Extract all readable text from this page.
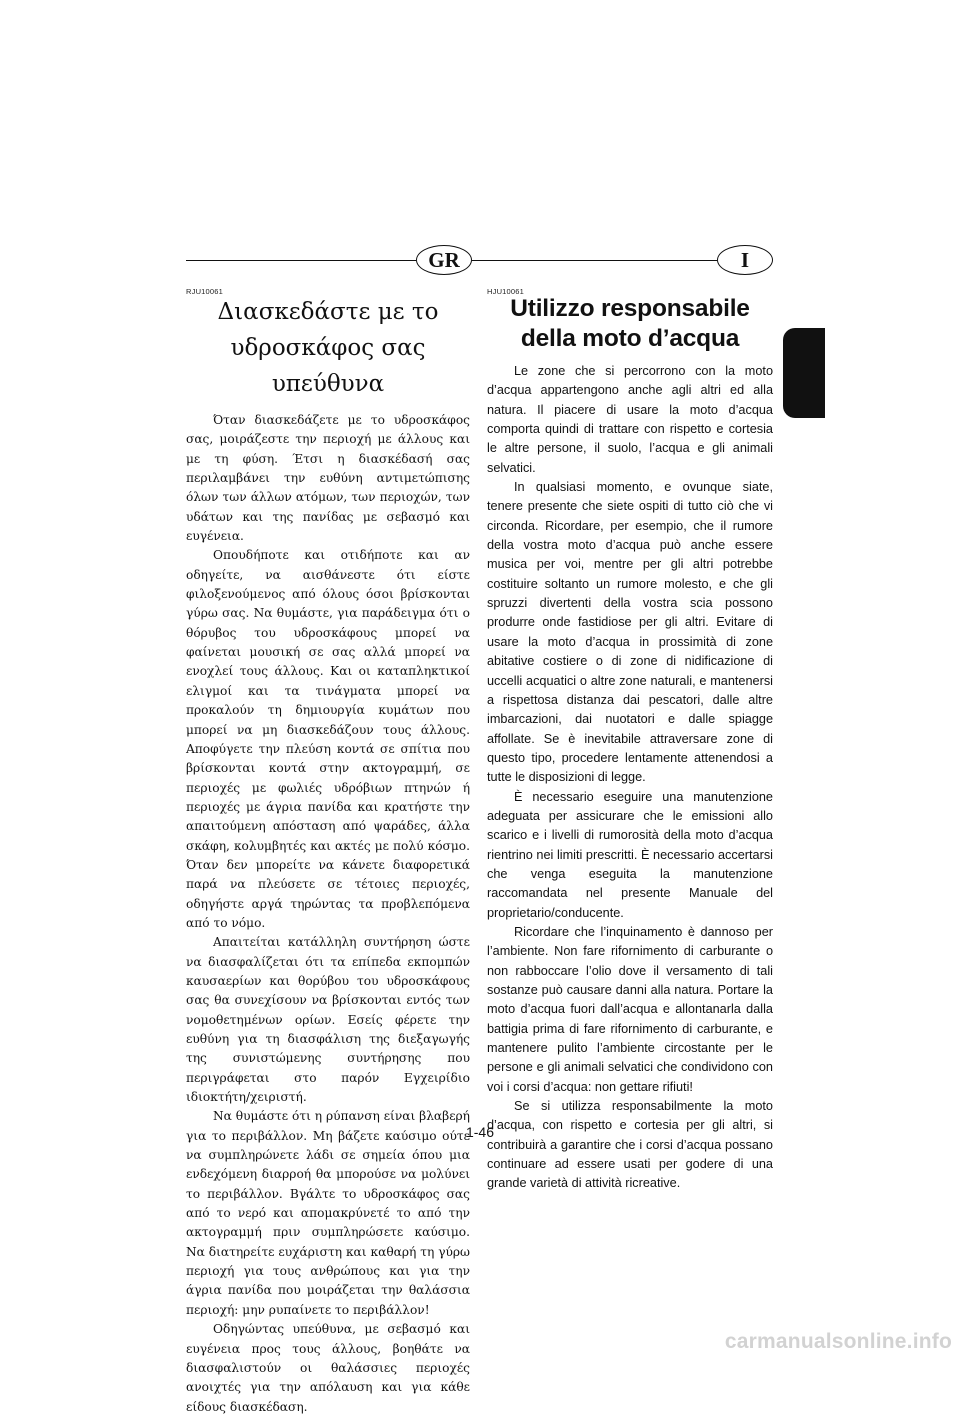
GR	I
RJU10061
Διασκεδάστε με το υδροσκάφος σας υπεύθυνα

Όταν διασκεδάζετε με το υδροσκάφος σας, μοιράζεστε την περιοχή με άλλους και με τη φύση. Έτσι η διασκέδασή σας περιλαμβάνει την ευθύνη αντιμετώπισης όλων των άλλων ατόμων, των περιοχών, των υδάτων και της πανίδας με σεβασμό και ευγένεια.

Οπουδήποτε και οτιδήποτε και αν οδηγείτε, να αισθάνεστε ότι είστε φιλοξενούμενος από όλους όσοι βρίσκονται γύρω σας. Να θυμάστε, για παράδειγμα ότι ο θόρυβος του υδροσκάφους μπορεί να φαίνεται μουσική σε σας αλλά μπορεί να ενοχλεί τους άλλους. Και οι καταπληκτικοί ελιγμοί και τα τινάγματα μπορεί να προκαλούν τη δημιουργία κυμάτων που μπορεί να μη διασκεδάζουν τους άλλους. Αποφύγετε την πλεύση κοντά σε σπίτια που βρίσκονται κοντά στην ακτογραμμή, σε περιοχές με φωλιές υδρόβιων πτηνών ή περιοχές με άγρια πανίδα και κρατήστε την απαιτούμενη απόσταση από ψαράδες, άλλα σκάφη, κολυμβητές και ακτές με πολύ κόσμο. Όταν δεν μπορείτε να κάνετε διαφορετικά παρά να πλεύσετε σε τέτοιες περιοχές, οδηγήστε αργά τηρώντας τα προβλεπόμενα από το νόμο.

Απαιτείται κατάλληλη συντήρηση ώστε να διασφαλίζεται ότι τα επίπεδα εκπομπών καυσαερίων και θορύβου του υδροσκάφους σας θα συνεχίσουν να βρίσκονται εντός των νομοθετημένων ορίων. Εσείς φέρετε την ευθύνη για τη διασφάλιση της διεξαγωγής της συνιστώμενης συντήρησης που περιγράφεται στο παρόν Εγχειρίδιο ιδιοκτήτη/χειριστή.

Να θυμάστε ότι η ρύπανση είναι βλαβερή για το περιβάλλον. Μη βάζετε καύσιμο ούτε να συμπληρώνετε λάδι σε σημεία όπου μια ενδεχόμενη διαρροή θα μπορούσε να μολύνει το περιβάλλον. Βγάλτε το υδροσκάφος σας από το νερό και απομακρύνετέ το από την ακτογραμμή πριν συμπληρώσετε καύσιμο. Να διατηρείτε ευχάριστη και καθαρή τη γύρω περιοχή για τους ανθρώπους και για την άγρια πανίδα που μοιράζεται την θαλάσσια περιοχή: μην ρυπαίνετε το περιβάλλον!

Οδηγώντας υπεύθυνα, με σεβασμό και ευγένεια προς τους άλλους, βοηθάτε να διασφαλιστούν οι θαλάσσιες περιοχές ανοιχτές για την απόλαυση και για κάθε είδους διασκέδαση.

HJU10061
Utilizzo responsabile della moto d’acqua

Le zone che si percorrono con la moto d’acqua appartengono anche agli altri ed alla natura. Il piacere di usare la moto d’acqua comporta quindi di trattare con rispetto e cortesia le altre persone, il suolo, l’acqua e gli animali selvatici.

In qualsiasi momento, e ovunque siate, tenere presente che siete ospiti di tutto ciò che vi circonda. Ricordare, per esempio, che il rumore della vostra moto d’acqua può anche essere musica per voi, mentre per gli altri potrebbe costituire soltanto un rumore molesto, e che gli spruzzi divertenti della vostra scia possono produrre onde fastidiose per gli altri. Evitare di usare la moto d’acqua in prossimità di zone abitative costiere o di zone di nidificazione di uccelli acquatici o altre zone naturali, e mantenersi a rispettosa distanza dai pescatori, dalle altre imbarcazioni, dai nuotatori e dalle spiagge affollate. Se è inevitabile attraversare zone di questo tipo, procedere lentamente attenendosi a tutte le disposizioni di legge.

È necessario eseguire una manutenzione adeguata per assicurare che le emissioni allo scarico e i livelli di rumorosità della moto d’acqua rientrino nei limiti prescritti. È necessario accertarsi che venga eseguita la manutenzione raccomandata nel presente Manuale del proprietario/conducente.

Ricordare che l’inquinamento è dannoso per l’ambiente. Non fare rifornimento di carburante o non rabboccare l’olio dove il versamento di tali sostanze può causare danni alla natura. Portare la moto d’acqua fuori dall’acqua e allontanarla dalla battigia prima di fare rifornimento di carburante, e mantenere pulito l’ambiente circostante per le persone e gli animali selvatici che condividono con voi i corsi d’acqua: non gettare rifiuti!

Se si utilizza responsabilmente la moto d’acqua, con rispetto e cortesia per gli altri, si contribuirà a garantire che i corsi d’acqua possano continuare ad essere usati per godere di una grande varietà di attività ricreative.

1-46
carmanualsonline.info
